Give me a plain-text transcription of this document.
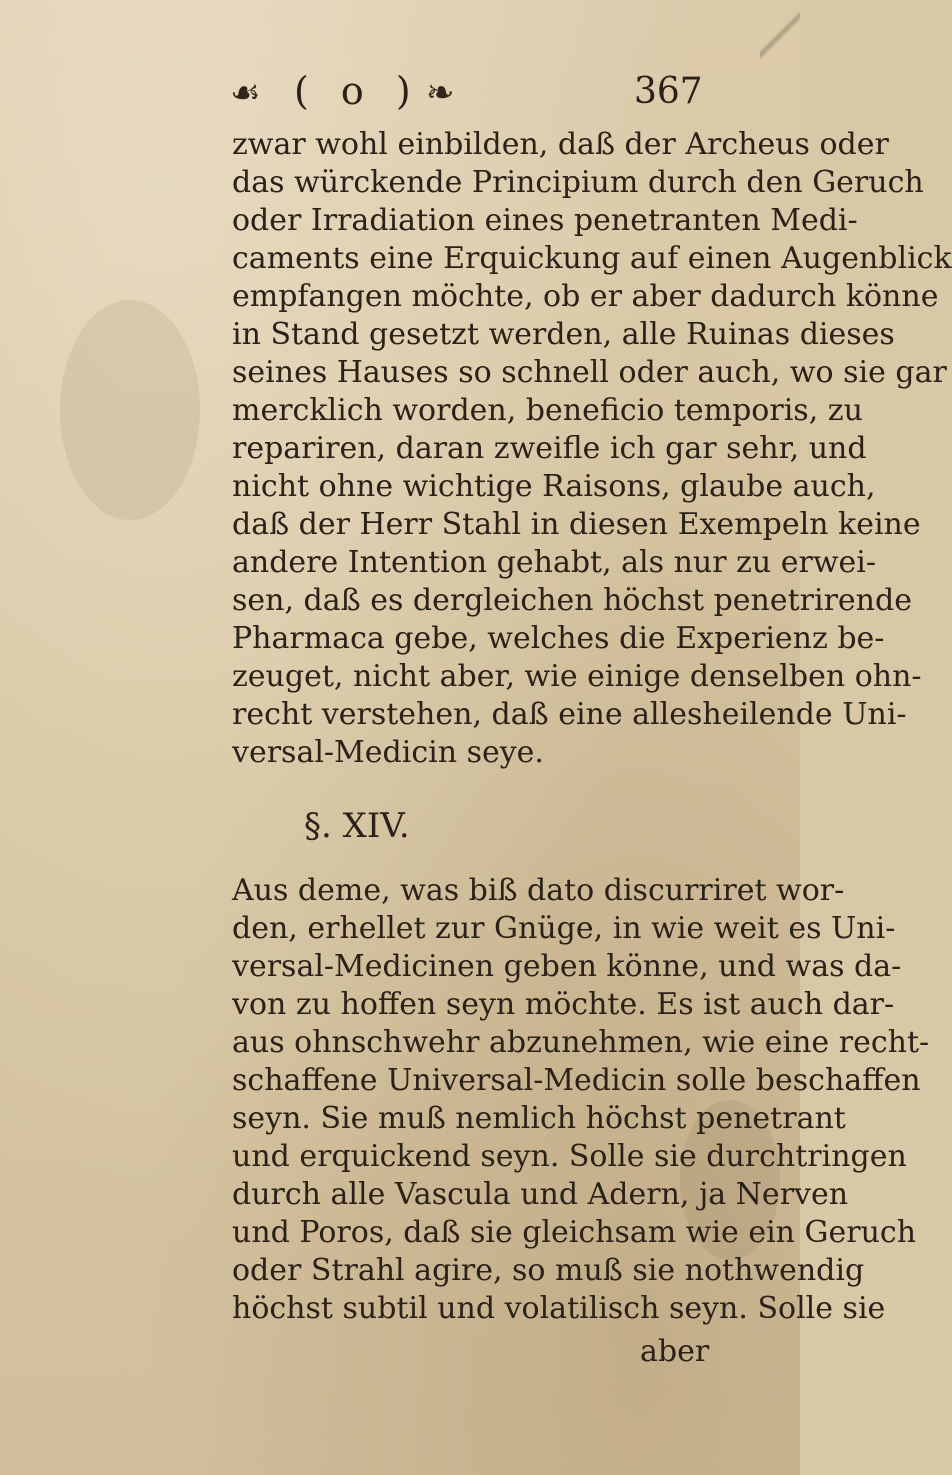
☙ ( o ) ❧	367
§. XIV.
zwar wohl einbilden, daß der Archeus oder
das würckende Principium durch den Geruch
oder Irradiation eines penetranten Medi-
caments eine Erquickung auf einen Augenblick
empfangen möchte, ob er aber dadurch könne
in Stand gesetzt werden, alle Ruinas dieses
seines Hauses so schnell oder auch, wo sie gar
mercklich worden, beneficio temporis, zu
repariren, daran zweifle ich gar sehr, und
nicht ohne wichtige Raisons, glaube auch,
daß der Herr Stahl in diesen Exempeln keine
andere Intention gehabt, als nur zu erwei-
sen, daß es dergleichen höchst penetrirende
Pharmaca gebe, welches die Experienz be-
zeuget, nicht aber, wie einige denselben ohn-
recht verstehen, daß eine allesheilende Uni-
versal-Medicin seye.
Aus deme, was biß dato discurriret wor-
den, erhellet zur Gnüge, in wie weit es Uni-
versal-Medicinen geben könne, und was da-
von zu hoffen seyn möchte. Es ist auch dar-
aus ohnschwehr abzunehmen, wie eine recht-
schaffene Universal-Medicin solle beschaffen
seyn. Sie muß nemlich höchst penetrant
und erquickend seyn. Solle sie durchtringen
durch alle Vascula und Adern, ja Nerven
und Poros, daß sie gleichsam wie ein Geruch
oder Strahl agire, so muß sie nothwendig
höchst subtil und volatilisch seyn. Solle sie
aber
